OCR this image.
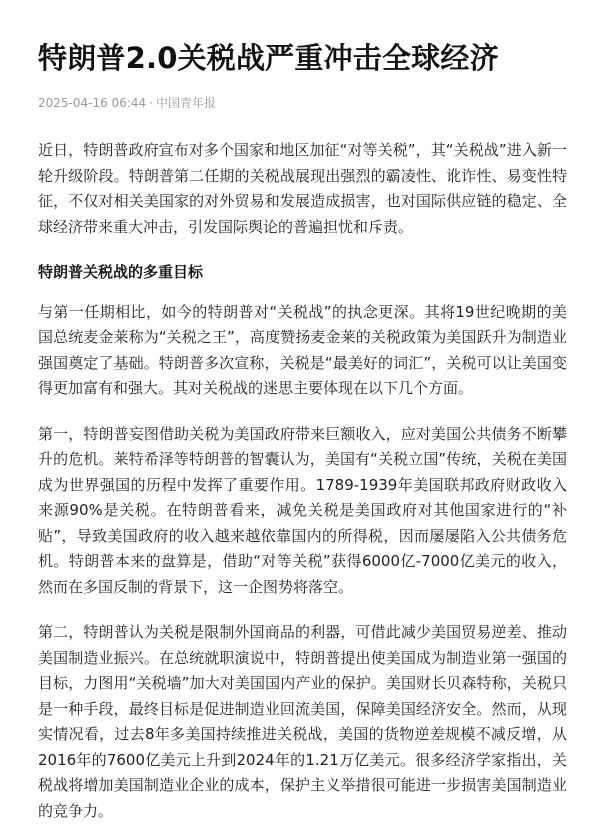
特朗普2.0关税战严重冲击全球经济
2025-04-16 06:44 · 中国青年报

近日，特朗普政府宣布对多个国家和地区加征“对等关税”，其“关税战”进入新一轮升级阶段。特朗普第二任期的关税战展现出强烈的霸凌性、讹诈性、易变性特征，不仅对相关美国家的对外贸易和发展造成损害，也对国际供应链的稳定、全球经济带来重大冲击，引发国际舆论的普遍担忧和斥责。

特朗普关税战的多重目标

与第一任期相比，如今的特朗普对“关税战”的执念更深。其将19世纪晚期的美国总统麦金莱称为“关税之王”，高度赞扬麦金莱的关税政策为美国跃升为制造业强国奠定了基础。特朗普多次宣称，关税是“最美好的词汇”，关税可以让美国变得更加富有和强大。其对关税战的迷思主要体现在以下几个方面。

第一，特朗普妄图借助关税为美国政府带来巨额收入，应对美国公共债务不断攀升的危机。莱特希泽等特朗普的智囊认为，美国有“关税立国”传统，关税在美国成为世界强国的历程中发挥了重要作用。1789-1939年美国联邦政府财政收入来源90%是关税。在特朗普看来，减免关税是美国政府对其他国家进行的“补贴”，导致美国政府的收入越来越依靠国内的所得税，因而屡屡陷入公共债务危机。特朗普本来的盘算是，借助“对等关税”获得6000亿-7000亿美元的收入，然而在多国反制的背景下，这一企图势将落空。

第二，特朗普认为关税是限制外国商品的利器，可借此减少美国贸易逆差、推动美国制造业振兴。在总统就职演说中，特朗普提出使美国成为制造业第一强国的目标，力图用“关税墙”加大对美国国内产业的保护。美国财长贝森特称，关税只是一种手段，最终目标是促进制造业回流美国，保障美国经济安全。然而，从现实情况看，过去8年多美国持续推进关税战，美国的货物逆差规模不减反增，从2016年的7600亿美元上升到2024年的1.21万亿美元。很多经济学家指出，关税战将增加美国制造业企业的成本，保护主义举措很可能进一步损害美国制造业的竞争力。
